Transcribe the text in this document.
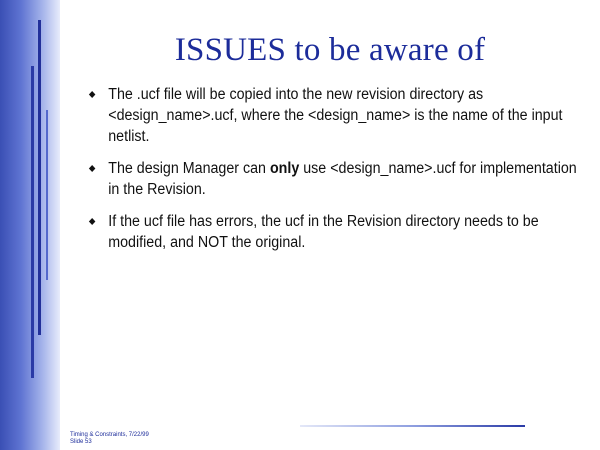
ISSUES to be aware of
The .ucf file will be copied into the new revision directory as <design_name>.ucf, where the <design_name> is the name of the input netlist.
The design Manager can only use <design_name>.ucf for implementation in the Revision.
If the ucf file has errors, the ucf in the Revision directory needs to be modified, and NOT the original.
Timing & Constraints, 7/22/99
Slide 53
